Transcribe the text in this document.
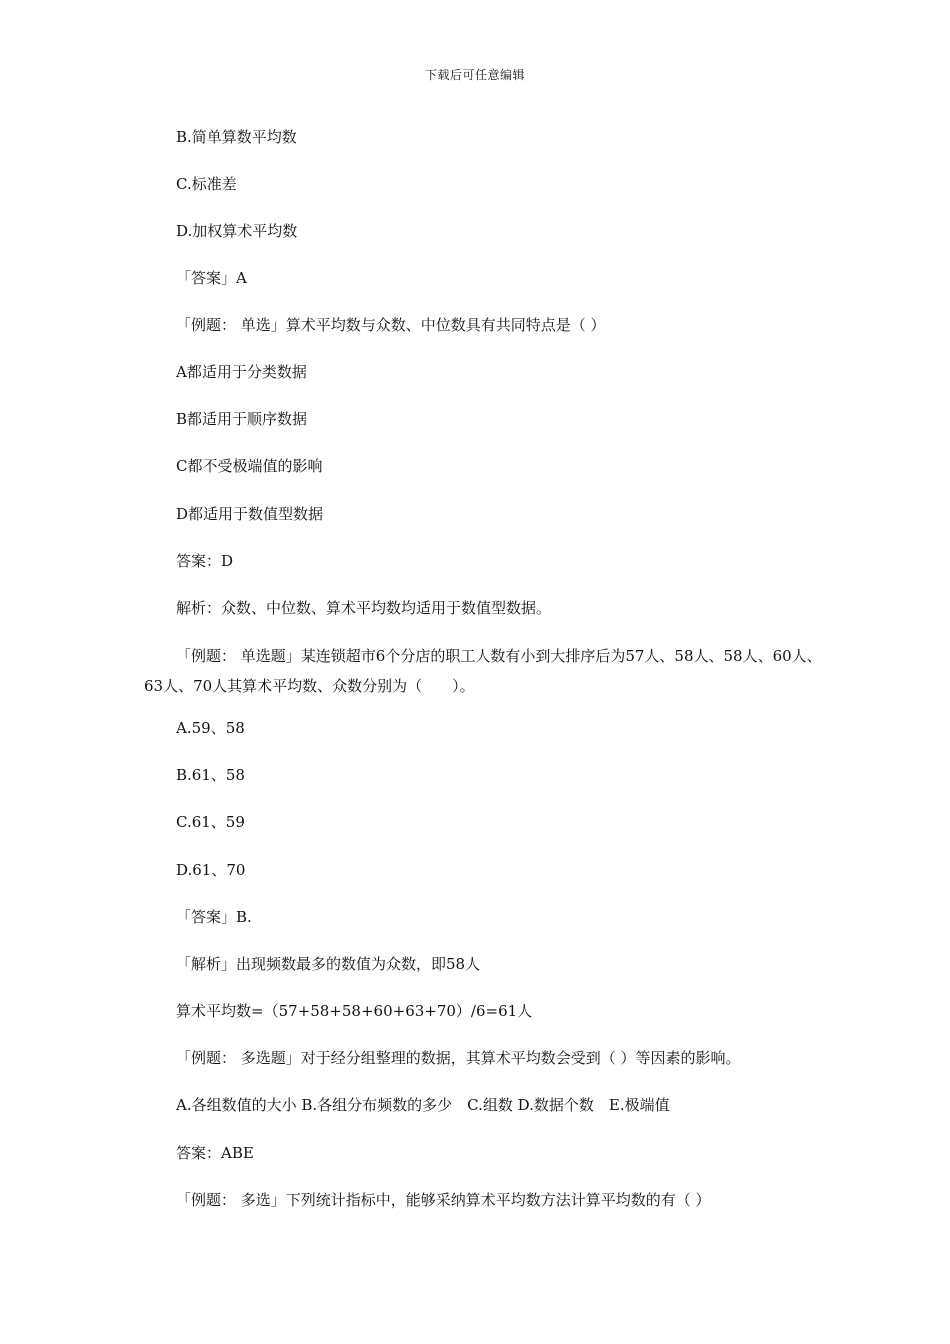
下载后可任意编辑
B.简单算数平均数
C.标准差
D.加权算术平均数
「答案」A
「例题： 单选」算术平均数与众数、中位数具有共同特点是（ ）
A都适用于分类数据
B都适用于顺序数据
C都不受极端值的影响
D都适用于数值型数据
答案：D
解析：众数、中位数、算术平均数均适用于数值型数据。
「例题： 单选题」某连锁超市6个分店的职工人数有小到大排序后为57人、58人、58人、60人、63人、70人其算术平均数、众数分别为（　　）。
A.59、58
B.61、58
C.61、59
D.61、70
「答案」B.
「解析」出现频数最多的数值为众数，即58人
算术平均数=（57+58+58+60+63+70）/6=61人
「例题： 多选题」对于经分组整理的数据，其算术平均数会受到（ ）等因素的影响。
A.各组数值的大小 B.各组分布频数的多少　C.组数 D.数据个数　E.极端值
答案：ABE
「例题： 多选」下列统计指标中，能够采纳算术平均数方法计算平均数的有（ ）
